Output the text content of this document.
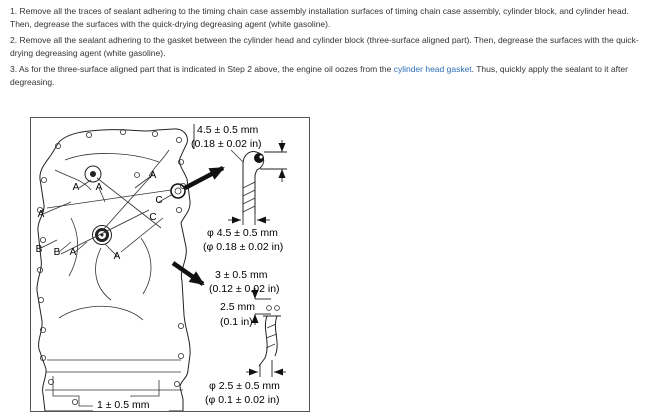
1. Remove all the traces of sealant adhering to the timing chain case assembly installation surfaces of timing chain case assembly, cylinder block, and cylinder head. Then, degrease the surfaces with the quick-drying degreasing agent (white gasoline).

2. Remove all the sealant adhering to the gasket between the cylinder head and cylinder block (three-surface aligned part). Then, degrease the surfaces with the quick-drying degreasing agent (white gasoline).

3. As for the three-surface aligned part that is indicated in Step 2 above, the engine oil oozes from the cylinder head gasket. Thus, quickly apply the sealant to it after degreasing.

A A
A
A
A	A
B B
C
C
4.5 ± 0.5 mm
(0.18 ± 0.02 in)
φ 4.5 ± 0.5 mm
(φ 0.18 ± 0.02 in)
3 ± 0.5 mm
(0.12 ± 0.02 in)
2.5 mm
(0.1 in)
φ 2.5 ± 0.5 mm
(φ 0.1 ± 0.02 in)
1 ± 0.5 mm
